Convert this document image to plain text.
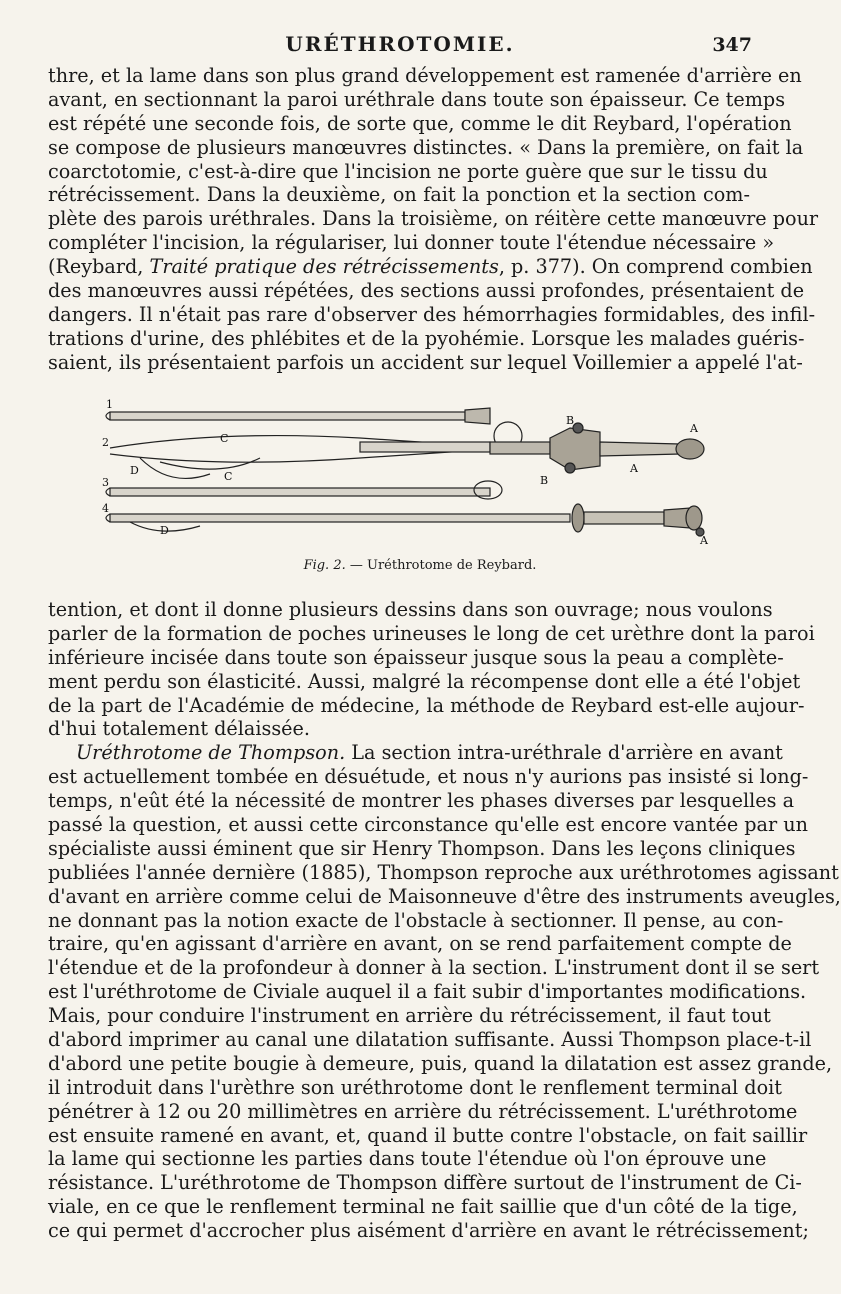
URÉTHROTOMIE.	347
thre, et la lame dans son plus grand développement est ramenée d'arrière en
avant, en sectionnant la paroi uréthrale dans toute son épaisseur. Ce temps
est répété une seconde fois, de sorte que, comme le dit Reybard, l'opération
se compose de plusieurs manœuvres distinctes. « Dans la première, on fait la
coarctotomie, c'est-à-dire que l'incision ne porte guère que sur le tissu du
rétrécissement. Dans la deuxième, on fait la ponction et la section com-
plète des parois uréthrales. Dans la troisième, on réitère cette manœuvre pour
compléter l'incision, la régulariser, lui donner toute l'étendue nécessaire »
(Reybard, Traité pratique des rétrécissements, p. 377). On comprend combien
des manœuvres aussi répétées, des sections aussi profondes, présentaient de
dangers. Il n'était pas rare d'observer des hémorrhagies formidables, des infil-
trations d'urine, des phlébites et de la pyohémie. Lorsque les malades guéris-
saient, ils présentaient parfois un accident sur lequel Voillemier a appelé l'at-
1
2
3
4
A
A
A
B
B
C
C
D
D
Fig. 2. — Uréthrotome de Reybard.
tention, et dont il donne plusieurs dessins dans son ouvrage; nous voulons
parler de la formation de poches urineuses le long de cet urèthre dont la paroi
inférieure incisée dans toute son épaisseur jusque sous la peau a complète-
ment perdu son élasticité. Aussi, malgré la récompense dont elle a été l'objet
de la part de l'Académie de médecine, la méthode de Reybard est-elle aujour-
d'hui totalement délaissée.
Uréthrotome de Thompson. La section intra-uréthrale d'arrière en avant
est actuellement tombée en désuétude, et nous n'y aurions pas insisté si long-
temps, n'eût été la nécessité de montrer les phases diverses par lesquelles a
passé la question, et aussi cette circonstance qu'elle est encore vantée par un
spécialiste aussi éminent que sir Henry Thompson. Dans les leçons cliniques
publiées l'année dernière (1885), Thompson reproche aux uréthrotomes agissant
d'avant en arrière comme celui de Maisonneuve d'être des instruments aveugles,
ne donnant pas la notion exacte de l'obstacle à sectionner. Il pense, au con-
traire, qu'en agissant d'arrière en avant, on se rend parfaitement compte de
l'étendue et de la profondeur à donner à la section. L'instrument dont il se sert
est l'uréthrotome de Civiale auquel il a fait subir d'importantes modifications.
Mais, pour conduire l'instrument en arrière du rétrécissement, il faut tout
d'abord imprimer au canal une dilatation suffisante. Aussi Thompson place-t-il
d'abord une petite bougie à demeure, puis, quand la dilatation est assez grande,
il introduit dans l'urèthre son uréthrotome dont le renflement terminal doit
pénétrer à 12 ou 20 millimètres en arrière du rétrécissement. L'uréthrotome
est ensuite ramené en avant, et, quand il butte contre l'obstacle, on fait saillir
la lame qui sectionne les parties dans toute l'étendue où l'on éprouve une
résistance. L'uréthrotome de Thompson diffère surtout de l'instrument de Ci-
viale, en ce que le renflement terminal ne fait saillie que d'un côté de la tige,
ce qui permet d'accrocher plus aisément d'arrière en avant le rétrécissement;
